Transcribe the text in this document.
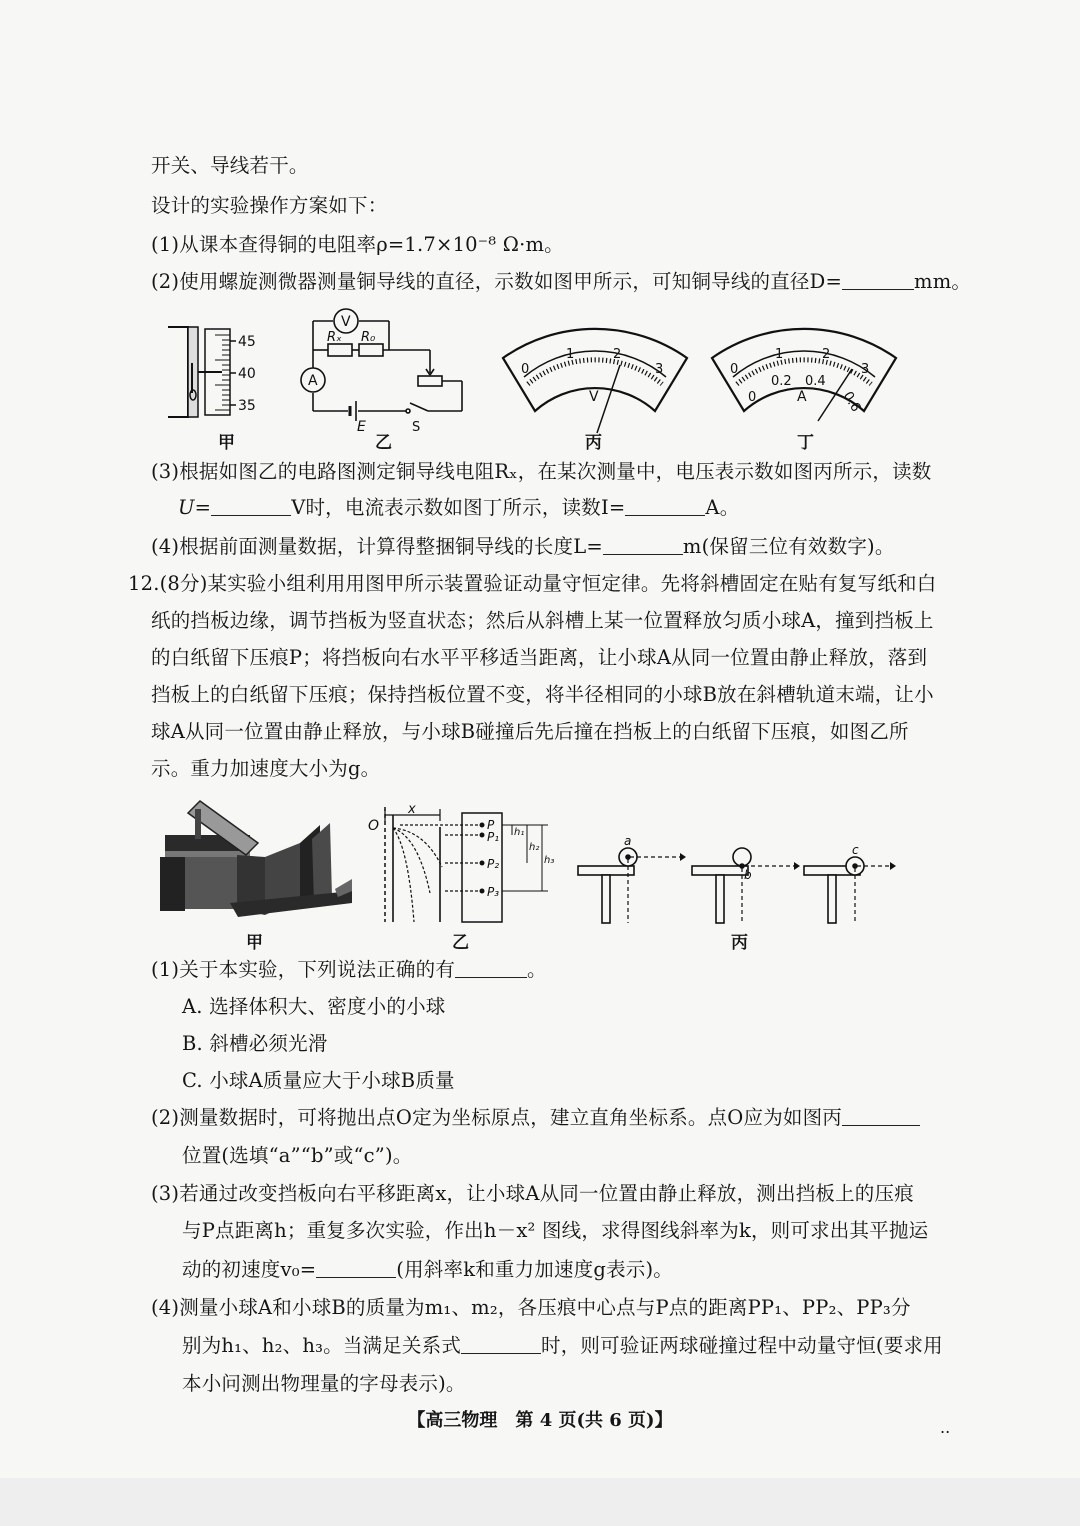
开关、导线若干。
设计的实验操作方案如下：
(1)从课本查得铜的电阻率ρ=1.7×10⁻⁸ Ω·m。
(2)使用螺旋测微器测量铜导线的直径，示数如图甲所示，可知铜导线的直径D=	mm。
45
40
35
V
A
Rₓ R₀
E	S
0
1	2
3
V
0
1	2
3
0
0.2 0.4
0.6
A
甲	乙	丙	丁
(3)根据如图乙的电路图测定铜导线电阻Rₓ，在某次测量中，电压表示数如图丙所示，读数
U=	V时，电流表示数如图丁所示，读数I=	A。
(4)根据前面测量数据，计算得整捆铜导线的长度L=	m(保留三位有效数字)。
12.(8分)某实验小组利用用图甲所示装置验证动量守恒定律。先将斜槽固定在贴有复写纸和白
纸的挡板边缘，调节挡板为竖直状态；然后从斜槽上某一位置释放匀质小球A，撞到挡板上
的白纸留下压痕P；将挡板向右水平平移适当距离，让小球A从同一位置由静止释放，落到
挡板上的白纸留下压痕；保持挡板位置不变，将半径相同的小球B放在斜槽轨道末端，让小
球A从同一位置由静止释放，与小球B碰撞后先后撞在挡板上的白纸留下压痕，如图乙所
示。重力加速度大小为g。
O
x
P
P₁
P₂
P₃
h₁
h₂
h₃
a
b
c
甲	乙	丙
(1)关于本实验，下列说法正确的有	。
A. 选择体积大、密度小的小球
B. 斜槽必须光滑
C. 小球A质量应大于小球B质量
(2)测量数据时，可将抛出点O定为坐标原点，建立直角坐标系。点O应为如图丙
位置(选填“a”“b”或“c”)。
(3)若通过改变挡板向右平移距离x，让小球A从同一位置由静止释放，测出挡板上的压痕
与P点距离h；重复多次实验，作出h－x² 图线，求得图线斜率为k，则可求出其平抛运
动的初速度v₀=	(用斜率k和重力加速度g表示)。
(4)测量小球A和小球B的质量为m₁、m₂，各压痕中心点与P点的距离PP₁、PP₂、PP₃分
别为h₁、h₂、h₃。当满足关系式	时，则可验证两球碰撞过程中动量守恒(要求用
本小问测出物理量的字母表示)。
【高三物理　第 4 页(共 6 页)】	..
